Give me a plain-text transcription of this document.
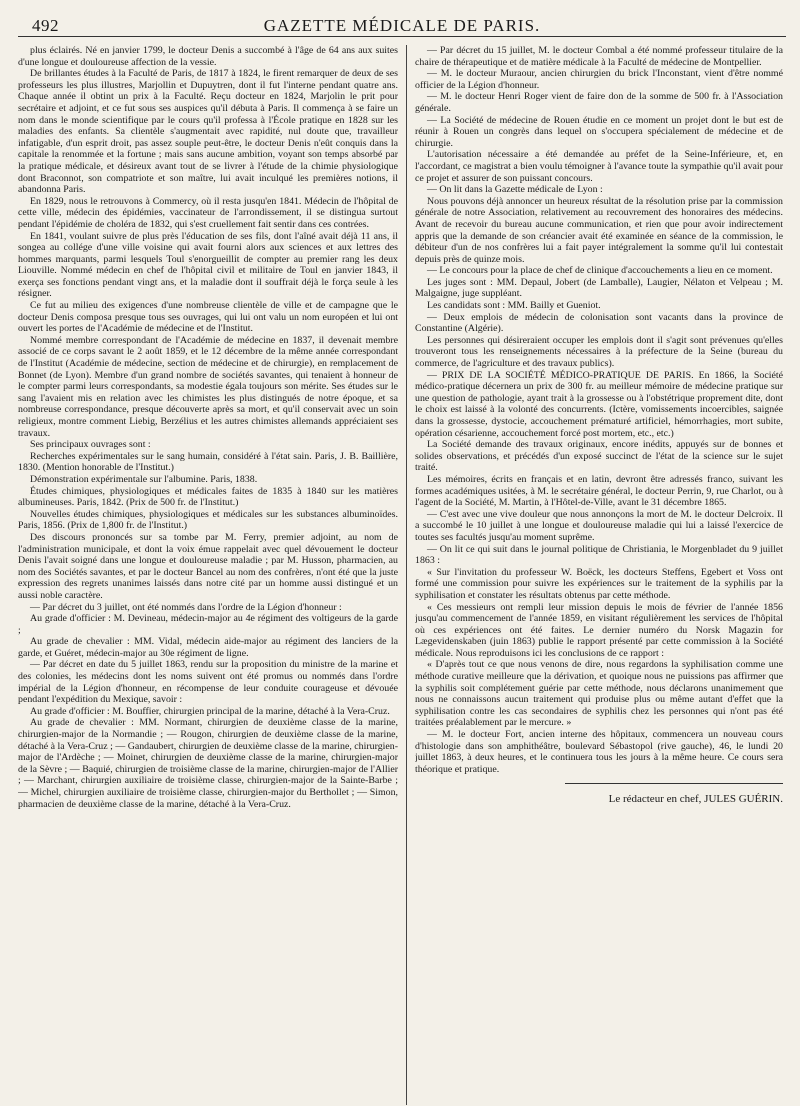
492	GAZETTE MÉDICALE DE PARIS.

plus éclairés. Né en janvier 1799, le docteur Denis a succombé à l'âge de 64 ans aux suites d'une longue et douloureuse affection de la vessie.

De brillantes études à la Faculté de Paris, de 1817 à 1824, le firent remarquer de deux de ses professeurs les plus illustres, Marjollin et Dupuytren, dont il fut l'interne pendant quatre ans. Chaque année il obtint un prix à la Faculté. Reçu docteur en 1824, Marjolin le prit pour secrétaire et adjoint, et ce fut sous ses auspices qu'il débuta à Paris. Il commença à se faire un nom dans le monde scientifique par le cours qu'il professa à l'École pratique en 1828 sur les maladies des enfants. Sa clientèle s'augmentait avec rapidité, nul doute que, travailleur infatigable, d'un esprit droit, pas assez souple peut-être, le docteur Denis n'eût conquis dans la capitale la renommée et la fortune ; mais sans aucune ambition, voyant son temps absorbé par la pratique médicale, et désireux avant tout de se livrer à l'étude de la chimie physiologique dont Braconnot, son compatriote et son maître, lui avait inculqué les premières notions, il abandonna Paris.

En 1829, nous le retrouvons à Commercy, où il resta jusqu'en 1841. Médecin de l'hôpital de cette ville, médecin des épidémies, vaccinateur de l'arrondissement, il se distingua surtout pendant l'épidémie de choléra de 1832, qui s'est cruellement fait sentir dans ces contrées.

En 1841, voulant suivre de plus près l'éducation de ses fils, dont l'aîné avait déjà 11 ans, il songea au collége d'une ville voisine qui avait fourni alors aux sciences et aux lettres des hommes marquants, parmi lesquels Toul s'enorgueillit de compter au premier rang les deux Liouville. Nommé médecin en chef de l'hôpital civil et militaire de Toul en janvier 1843, il exerça ses fonctions pendant vingt ans, et la maladie dont il souffrait déjà le força seule à les résigner.

Ce fut au milieu des exigences d'une nombreuse clientèle de ville et de campagne que le docteur Denis composa presque tous ses ouvrages, qui lui ont valu un nom européen et lui ont ouvert les portes de l'Académie de médecine et de l'Institut.

Nommé membre correspondant de l'Académie de médecine en 1837, il devenait membre associé de ce corps savant le 2 août 1859, et le 12 décembre de la même année correspondant de l'Institut (Académie de médecine, section de médecine et de chirurgie), en remplacement de Bonnet (de Lyon). Membre d'un grand nombre de sociétés savantes, qui tenaient à honneur de le compter parmi leurs correspondants, sa modestie égala toujours son mérite. Ses études sur le sang l'avaient mis en relation avec les chimistes les plus distingués de notre époque, et sa nombreuse correspondance, presque découverte après sa mort, et qu'il conservait avec un soin religieux, montre comment Liebig, Berzélius et les autres chimistes allemands appréciaient ses travaux.

Ses principaux ouvrages sont :

Recherches expérimentales sur le sang humain, considéré à l'état sain. Paris, J. B. Baillière, 1830. (Mention honorable de l'Institut.)

Démonstration expérimentale sur l'albumine. Paris, 1838.

Études chimiques, physiologiques et médicales faites de 1835 à 1840 sur les matières albumineuses. Paris, 1842. (Prix de 500 fr. de l'Institut.)

Nouvelles études chimiques, physiologiques et médicales sur les substances albuminoïdes. Paris, 1856. (Prix de 1,800 fr. de l'Institut.)

Des discours prononcés sur sa tombe par M. Ferry, premier adjoint, au nom de l'administration municipale, et dont la voix émue rappelait avec quel dévouement le docteur Denis l'avait soigné dans une longue et douloureuse maladie ; par M. Husson, pharmacien, au nom des Sociétés savantes, et par le docteur Bancel au nom des confrères, n'ont été que la juste expression des regrets unanimes laissés dans notre cité par un homme aussi distingué et un aussi noble caractère.

— Par décret du 3 juillet, ont été nommés dans l'ordre de la Légion d'honneur :

Au grade d'officier : M. Devineau, médecin-major au 4e régiment des voltigeurs de la garde ;

Au grade de chevalier : MM. Vidal, médecin aide-major au régiment des lanciers de la garde, et Guéret, médecin-major au 30e régiment de ligne.

— Par décret en date du 5 juillet 1863, rendu sur la proposition du ministre de la marine et des colonies, les médecins dont les noms suivent ont été promus ou nommés dans l'ordre impérial de la Légion d'honneur, en récompense de leur conduite courageuse et dévouée pendant l'expédition du Mexique, savoir :

Au grade d'officier : M. Bouffier, chirurgien principal de la marine, détaché à la Vera-Cruz.

Au grade de chevalier : MM. Normant, chirurgien de deuxième classe de la marine, chirurgien-major de la Normandie ; — Rougon, chirurgien de deuxième classe de la marine, détaché à la Vera-Cruz ; — Gandaubert, chirurgien de deuxième classe de la marine, chirurgien-major de l'Ardèche ; — Moinet, chirurgien de deuxième classe de la marine, chirurgien-major de la Sèvre ; — Baquié, chirurgien de troisième classe de la marine, chirurgien-major de l'Allier ; — Marchant, chirurgien auxiliaire de troisième classe, chirurgien-major de la Sainte-Barbe ; — Michel, chirurgien auxiliaire de troisième classe, chirurgien-major du Berthollet ; — Simon, pharmacien de deuxième classe de la marine, détaché à la Vera-Cruz.

— Par décret du 15 juillet, M. le docteur Combal a été nommé professeur titulaire de la chaire de thérapeutique et de matière médicale à la Faculté de médecine de Montpellier.

— M. le docteur Muraour, ancien chirurgien du brick l'Inconstant, vient d'être nommé officier de la Légion d'honneur.

— M. le docteur Henri Roger vient de faire don de la somme de 500 fr. à l'Association générale.

— La Société de médecine de Rouen étudie en ce moment un projet dont le but est de réunir à Rouen un congrès dans lequel on s'occupera spécialement de médecine et de chirurgie.

L'autorisation nécessaire a été demandée au préfet de la Seine-Inférieure, et, en l'accordant, ce magistrat a bien voulu témoigner à l'avance toute la sympathie qu'il avait pour ce projet et assurer de son puissant concours.

— On lit dans la Gazette médicale de Lyon :

Nous pouvons déjà annoncer un heureux résultat de la résolution prise par la commission générale de notre Association, relativement au recouvrement des honoraires des médecins. Avant de recevoir du bureau aucune communication, et rien que pour avoir indirectement appris que la demande de son créancier avait été examinée en séance de la commission, le débiteur d'un de nos confrères lui a fait payer intégralement la somme qu'il lui contestait depuis près de quinze mois.

— Le concours pour la place de chef de clinique d'accouchements a lieu en ce moment.

Les juges sont : MM. Depaul, Jobert (de Lamballe), Laugier, Nélaton et Velpeau ; M. Malgaigne, juge suppléant.

Les candidats sont : MM. Bailly et Gueniot.

— Deux emplois de médecin de colonisation sont vacants dans la province de Constantine (Algérie).

Les personnes qui désireraient occuper les emplois dont il s'agit sont prévenues qu'elles trouveront tous les renseignements nécessaires à la préfecture de la Seine (bureau du commerce, de l'agriculture et des travaux publics).

— PRIX DE LA SOCIÉTÉ MÉDICO-PRATIQUE DE PARIS. En 1866, la Société médico-pratique décernera un prix de 300 fr. au meilleur mémoire de médecine pratique sur une question de pathologie, ayant trait à la grossesse ou à l'obstétrique proprement dite, dont le choix est laissé à la volonté des concurrents. (Ictère, vomissements incoercibles, saignée dans la grossesse, dystocie, accouchement prématuré artificiel, hémorrhagies, mort subite, opération césarienne, accouchement forcé post mortem, etc., etc.)

La Société demande des travaux originaux, encore inédits, appuyés sur de bonnes et solides observations, et précédés d'un exposé succinct de l'état de la science sur le sujet traité.

Les mémoires, écrits en français et en latin, devront être adressés franco, suivant les formes académiques usitées, à M. le secrétaire général, le docteur Perrin, 9, rue Charlot, ou à l'agent de la Société, M. Martin, à l'Hôtel-de-Ville, avant le 31 décembre 1865.

— C'est avec une vive douleur que nous annonçons la mort de M. le docteur Delcroix. Il a succombé le 10 juillet à une longue et douloureuse maladie qui lui a laissé l'exercice de toutes ses facultés jusqu'au moment suprême.

— On lit ce qui suit dans le journal politique de Christiania, le Morgenbladet du 9 juillet 1863 :

« Sur l'invitation du professeur W. Boëck, les docteurs Steffens, Egebert et Voss ont formé une commission pour suivre les expériences sur le traitement de la syphilis par la syphilisation et constater les résultats obtenus par cette méthode.

« Ces messieurs ont rempli leur mission depuis le mois de février de l'année 1856 jusqu'au commencement de l'année 1859, en visitant régulièrement les services de l'hôpital où ces expériences ont été faites. Le dernier numéro du Norsk Magazin for Lægevidenskaben (juin 1863) publie le rapport présenté par cette commission à la Société médicale. Nous reproduisons ici les conclusions de ce rapport :

« D'après tout ce que nous venons de dire, nous regardons la syphilisation comme une méthode curative meilleure que la dérivation, et quoique nous ne puissions pas affirmer que la syphilis soit complétement guérie par cette méthode, nous déclarons unanimement que nous ne connaissons aucun traitement qui produise plus ou même autant d'effet que la syphilisation contre les cas secondaires de syphilis chez les personnes qui n'ont pas été traitées préalablement par le mercure. »

— M. le docteur Fort, ancien interne des hôpitaux, commencera un nouveau cours d'histologie dans son amphithéâtre, boulevard Sébastopol (rive gauche), 46, le lundi 20 juillet 1863, à deux heures, et le continuera tous les jours à la même heure. Ce cours sera théorique et pratique.

Le rédacteur en chef, JULES GUÉRIN.
